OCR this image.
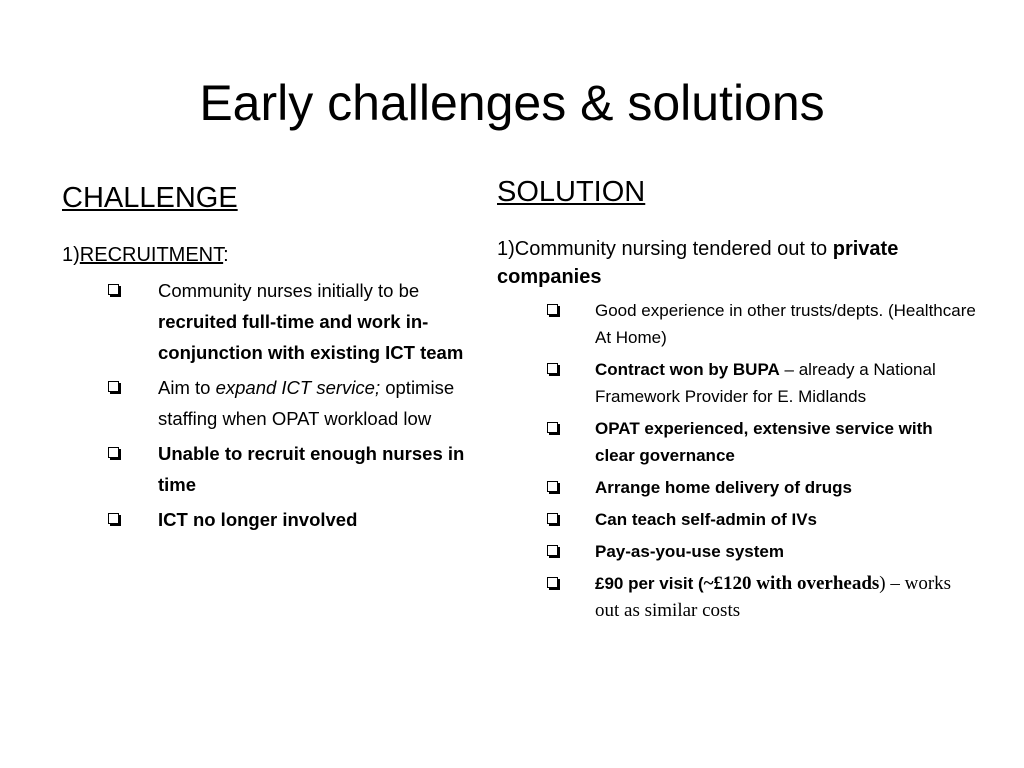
Early challenges & solutions
CHALLENGE
1)RECRUITMENT:
Community nurses initially to be recruited full-time and work in-conjunction with existing ICT team
Aim to expand ICT service; optimise staffing when OPAT workload low
Unable to recruit enough nurses in time
ICT no longer involved
SOLUTION
1)Community nursing tendered out to private companies
Good experience in other trusts/depts. (Healthcare At Home)
Contract won by BUPA – already a National Framework Provider for E. Midlands
OPAT experienced, extensive service with clear governance
Arrange home delivery of drugs
Can teach self-admin of IVs
Pay-as-you-use system
£90 per visit (~£120 with overheads) – works out as similar costs
